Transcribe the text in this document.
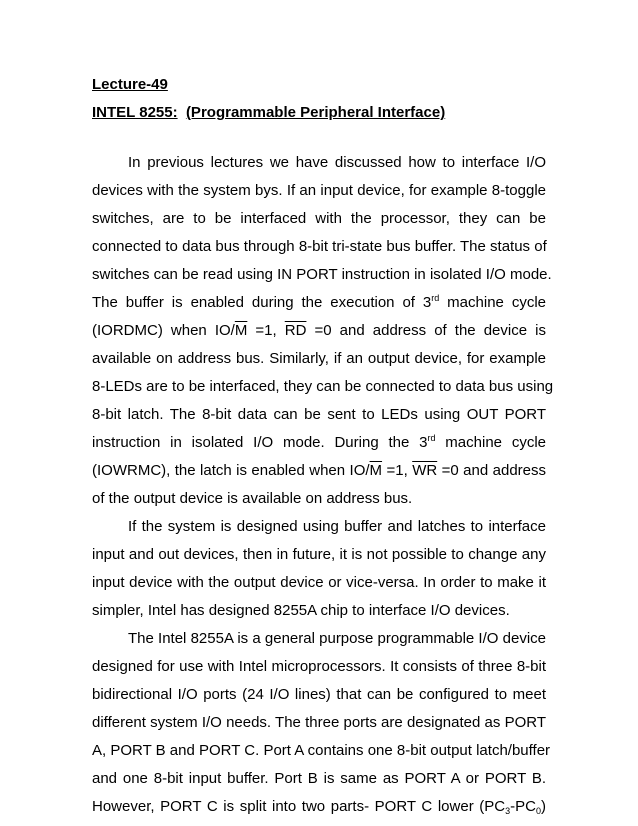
Lecture-49
INTEL 8255: (Programmable Peripheral Interface)
In previous lectures we have discussed how to interface I/O
devices with the system bys. If an input device, for example 8-toggle
switches, are to be interfaced with the processor, they can be
connected to data bus through 8-bit tri-state bus buffer. The status of
switches can be read using IN PORT instruction in isolated I/O mode.
The buffer is enabled during the execution of 3rd machine cycle
(IORDMC) when $IO/\overline{M} =1$, $\overline{RD} =0$ and address of the device is
available on address bus. Similarly, if an output device, for example
8-LEDs are to be interfaced, they can be connected to data bus using
8-bit latch. The 8-bit data can be sent to LEDs using OUT PORT
instruction in isolated I/O mode. During the 3rd machine cycle
(IOWRMC), the latch is enabled when $IO/\overline{M} =1$, $\overline{WR} =0$ and address
of the output device is available on address bus.
If the system is designed using buffer and latches to interface
input and out devices, then in future, it is not possible to change any
input device with the output device or vice-versa. In order to make it
simpler, Intel has designed 8255A chip to interface I/O devices.
The Intel 8255A is a general purpose programmable I/O device
designed for use with Intel microprocessors. It consists of three 8-bit
bidirectional I/O ports (24 I/O lines) that can be configured to meet
different system I/O needs. The three ports are designated as PORT
A, PORT B and PORT C. Port A contains one 8-bit output latch/buffer
and one 8-bit input buffer. Port B is same as PORT A or PORT B.
However, PORT C is split into two parts- PORT C lower $(PC_3-PC_0)$
